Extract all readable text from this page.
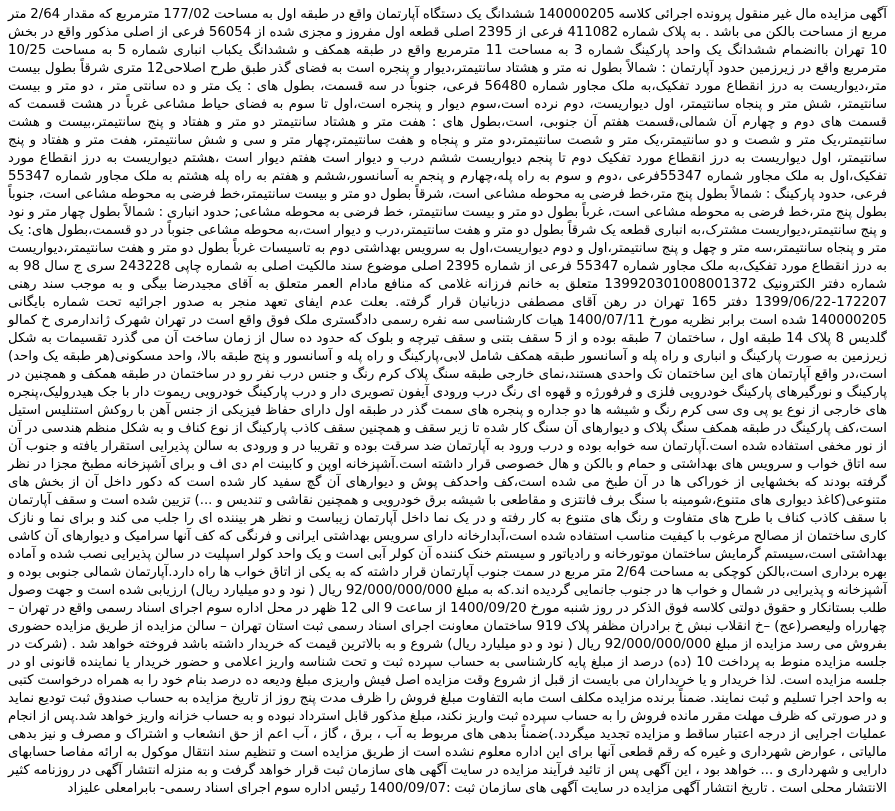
آگهی مزایده مال غیر منقول پرونده اجرائی کلاسه 140000205 ششدانگ یک دستگاه آپارتمان واقع در طبقه اول به مساحت 177/02 مترمربع که مقدار 2/64 متر مربع از مساحت بالکن می باشد . به پلاک شماره 411082 فرعی از 2395 اصلی قطعه اول مفروز و مجزی شده از 56054 فرعی از اصلی مذکور واقع در بخش 10 تهران باانضمام ششدانگ یک واحد پارکینگ شماره 3 به مساحت 11 مترمربع واقع در طبقه همکف و ششدانگ یکباب انباری شماره 5 به مساحت 10/25 مترمربع واقع در زیرزمین حدود آپارتمان : شمالاً بطول نه متر و هشتاد سانتیمتر،دیوار و پنجره است به فضای گذر طبق طرح اصلاحی12 متری شرقاً بطول بیست متر،دیواریست به درز انقطاع مورد تفکیک،به ملک مجاور شماره 56480 فرعی، جنوباً در سه قسمت، بطول های : یک متر و ده سانتی متر ، دو متر و بیست سانتیمتر، شش متر و پنجاه سانتیمتر، اول دیواریست، دوم نرده است،سوم دیوار و پنجره است،اول تا سوم به فضای حیاط مشاعی غرباً در هشت قسمت که قسمت های دوم و چهارم آن شمالی،قسمت هفتم آن جنوبی، است،بطول های : هفت متر و هشتاد سانتیمتر دو متر و هفتاد و پنج سانتیمتر،بیست و هشت سانتیمتر،یک متر و شصت و دو سانتیمتر،یک متر و شصت سانتیمتر،دو متر و پنجاه و هفت سانتیمتر،چهار متر و سی و شش سانتیمتر، هفت متر و هفتاد و پنج سانتیمتر، اول دیواریست به درز انقطاع مورد تفکیک دوم تا پنجم دیواریست ششم درب و دیوار است هفتم دیوار است ،هشتم دیواریست به درز انقطاع مورد تفکیک،اول به ملک مجاور شماره 55347فرعی ،دوم و سوم به راه پله،چهارم و پنجم به آسانسور،ششم و هفتم به راه پله هشتم به ملک مجاور شماره 55347 فرعی، حدود پارکینگ : شمالاً بطول پنج متر،خط فرضی به محوطه مشاعی است، شرقاً بطول دو متر و بیست سانتیمتر،خط فرضی به محوطه مشاعی است، جنوباً بطول پنج متر،خط فرضی به محوطه مشاعی است، غرباً بطول دو متر و بیست سانتیمتر، خط فرضی به محوطه مشاعی; حدود انباری : شمالاً بطول چهار متر و نود و پنج سانتیمتر،دیواریست مشترک،به انباری قطعه یک شرقاً بطول دو متر و هفت سانتیمتر،درب و دیوار است،به محوطه مشاعی جنوباً در دو قسمت،بطول های: یک متر و پنجاه سانتیمتر،سه متر و چهل و پنج سانتیمتر،اول و دوم دیواریست،اول به سرویس بهداشتی دوم به تاسیسات غرباً بطول دو متر و هفت سانتیمتر،دیواریست به درز انقطاع مورد تفکیک،به ملک مجاور شماره 55347 فرعی از شماره 2395 اصلی موضوع سند مالکیت اصلی به شماره چاپی 243228 سری ج سال 98 به شماره دفتر الکترونیک 139920301008001372 متعلق به خانم فرزانه غلامی که منافع مادام العمر متعلق به آقای مجیدرضا بیگی و به موجب سند رهنی 172207-1399/06/22 دفتر 165 تهران در رهن آقای مصطفی دزبانیان قرار گرفته. بعلت عدم ایفای تعهد منجر به صدور اجرائیه تحت شماره بایگانی 140000205 شده است برابر نظریه مورخ 1400/07/11 هیات کارشناسی سه نفره رسمی دادگستری ملک فوق واقع است در تهران شهرک ژاندارمری خ کمالو گلدیس 8 پلاک 14 طبقه اول ، ساختمان 7 طبقه بوده و از 5 سقف بتنی و سقف تیرچه و بلوک که حدود ده سال از زمان ساخت آن می گذرد تقسیمات به شکل زیرزمین به صورت پارکینگ و انباری و راه پله و آسانسور طبقه همکف شامل لابی،پارکینگ و راه پله و آسانسور و پنج طبقه بالا، واحد مسکونی(هر طبقه یک واحد) است،در واقع آپارتمان های این ساختمان تک واحدی هستند،نمای خارجی طبقه سنگ پلاک کرم رنگ و جنس درب نفر رو در ساختمان در طبقه همکف و همچنین در پارکینگ و نورگیرهای پارکینگ خودرویی فلزی و فرفورژه و قهوه ای رنگ درب ورودی آیفون تصویری دار و درب پارکینگ خودرویی ریموت دار با جک هیدرولیک،پنجره های خارجی از نوع یو پی وی سی کرم رنگ و شیشه ها دو جداره و پنجره های سمت گذر در طبقه اول دارای حفاظ فیزیکی از جنس آهن با روکش استنلیس استیل است،کف پارکینگ در طبقه همکف سنگ پلاک و دیوارهای آن سنگ کار شده تا زیر سقف و همچنین سقف کاذب پارکینگ از نوع کناف و به شکل منظم هندسی در آن از نور مخفی استفاده شده است.آپارتمان سه خوابه بوده و درب ورود به آپارتمان ضد سرقت بوده و تقریبا در و ورودی به سالن پذیرایی استقرار یافته و جنوب آن سه اتاق خواب و سرویس های بهداشتی و حمام و بالکن و هال خصوصی قرار داشته است.آشپزخانه اوپن و کابینت ام دی اف و برای آشپزخانه مطبخ مجزا در نظر گرفته بودند که بخشهایی از خوراکی ها در آن طبخ می شده است،کف واحدکف پوش و دیوارهای آن گچ سفید کار شده است که دکور داخل آن از بخش های متنوعی(کاغذ دیواری های متنوع،شومینه با سنگ برف فانتزی و مقاطعی با شیشه برق خودرویی و همچنین نقاشی و تندیس و ...) تزیین شده است و سقف آپارتمان با سقف کاذب کناف با طرح های متفاوت و رنگ های متنوع به کار رفته و در یک نما داخل آپارتمان زیباست و نظر هر بیننده ای را جلب می کند و برای نما و نازک کاری ساختمان از مصالح مرغوب با کیفیت مناسب استفاده شده است،آبدارخانه دارای سرویس بهداشتی ایرانی و فرنگی که کف آنها سرامیک و دیوارهای آن کاشی بهداشتی است،سیستم گرمایش ساختمان موتورخانه و رادیاتور و سیستم خنک کننده آن کولر آبی است و یک واحد کولر اسپلیت در سالن پذیرایی نصب شده و آماده بهره برداری است،بالکن کوچکی به مساحت 2/64 متر مربع در سمت جنوب آپارتمان قرار داشته که به یکی از اتاق خواب ها راه دارد.آپارتمان شمالی جنوبی بوده و آشپزخانه و پذیرایی در شمال و خواب ها در جنوب جانمایی گردیده اند.که به مبلغ 92/000/000/000 ریال ( نود و دو میلیارد ریال) ارزیابی شده است و جهت وصول طلب بستانکار و حقوق دولتی کلاسه فوق الذکر در روز شنبه مورخ 1400/09/20 از ساعت 9 الی 12 ظهر در محل اداره سوم اجرای اسناد رسمی واقع در تهران – چهارراه ولیعصر(عج) –خ انقلاب نبش خ برادران مظفر پلاک 919 ساختمان معاونت اجرای اسناد رسمی ثبت استان تهران – سالن مزایده از طریق مزایده حضوری بفروش می رسد مزایده از مبلغ 92/000/000/000 ریال ( نود و دو میلیارد ریال) شروع و به بالاترین قیمت که خریدار داشته باشد فروخته خواهد شد . (شرکت در جلسه مزایده منوط به پرداخت 10 (ده) درصد از مبلغ پایه کارشناسی به حساب سپرده ثبت و تحت شناسه واریز اعلامی و حضور خریدار یا نماینده قانونی او در جلسه مزایده است. لذا خریدار و یا خریداران می بایست از قبل از شروع وقت مزایده اصل فیش واریزی مبلغ ودیعه ده درصد بنام خود را به همراه درخواست کتبی به واحد اجرا تسلیم و ثبت نمایند. ضمناً برنده مزایده مکلف است مابه التفاوت مبلغ فروش را ظرف مدت پنج روز از تاریخ مزایده به حساب صندوق ثبت تودیع نماید و در صورتی که ظرف مهلت مقرر مانده فروش را به حساب سپرده ثبت واریز نکند، مبلغ مذکور قابل استرداد نبوده و به حساب خزانه واریز خواهد شد.پس از انجام عملیات اجرایی از درجه اعتبار ساقط و مزایده تجدید میگردد.)ضمناً بدهی های مربوط به آب ، برق ، گاز ، آب اعم از حق انشعاب و اشتراک و مصرف و نیز بدهی مالیاتی ، عوارض شهرداری و غیره که رقم قطعی آنها برای این اداره معلوم نشده است از طریق مزایده است و تنظیم سند انتقال موکول به ارائه مفاصا حسابهای دارایی و شهرداری و ... خواهد بود ، این آگهی پس از تائید فرآیند مزایده در سایت آگهی های سازمان ثبت قرار خواهد گرفت و به منزله انتشار آگهی در روزنامه کثیر الانتشار محلی است . تاریخ انتشار آگهی مزایده در سایت آگهی های سازمان ثبت :1400/09/07 رئیس اداره سوم اجرای اسناد رسمی- بابرامعلی علیزاد
